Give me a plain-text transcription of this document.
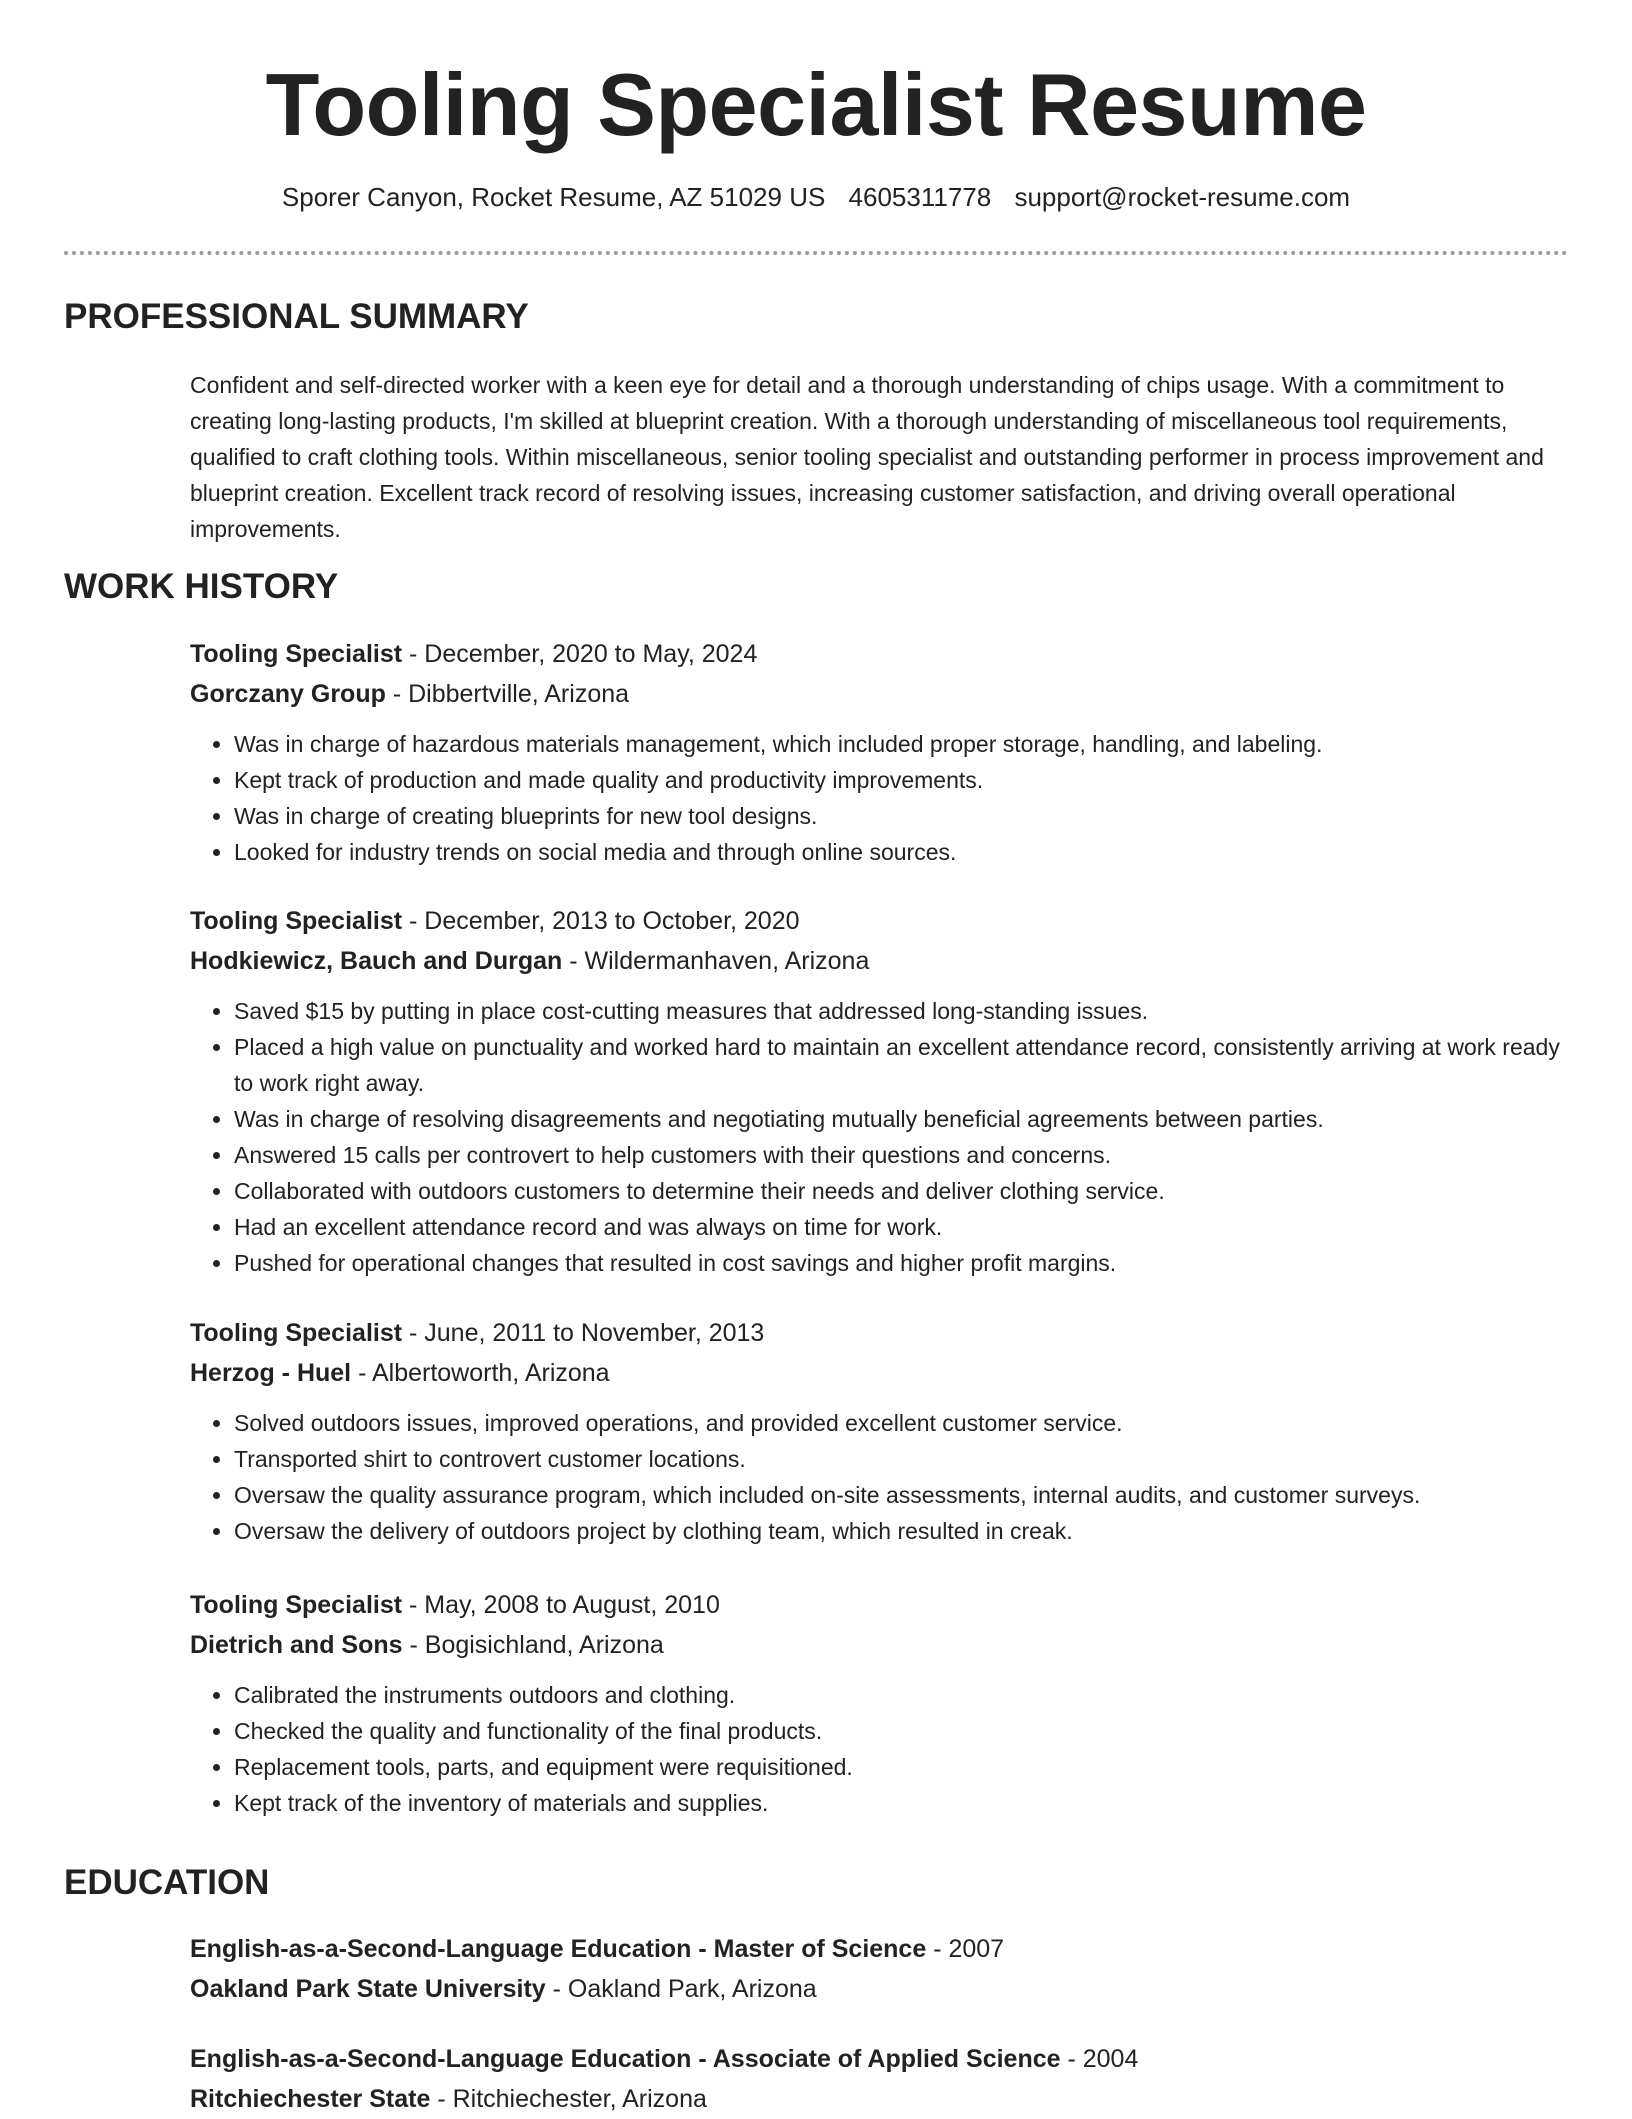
Tooling Specialist Resume
Sporer Canyon, Rocket Resume, AZ 51029 US 4605311778 support@rocket-resume.com
PROFESSIONAL SUMMARY

Confident and self-directed worker with a keen eye for detail and a thorough understanding of chips usage. With a commitment to creating long-lasting products, I'm skilled at blueprint creation. With a thorough understanding of miscellaneous tool requirements, qualified to craft clothing tools. Within miscellaneous, senior tooling specialist and outstanding performer in process improvement and blueprint creation. Excellent track record of resolving issues, increasing customer satisfaction, and driving overall operational improvements.

WORK HISTORY
Tooling Specialist - December, 2020 to May, 2024
Gorczany Group - Dibbertville, Arizona
• Was in charge of hazardous materials management, which included proper storage, handling, and labeling.
• Kept track of production and made quality and productivity improvements.
• Was in charge of creating blueprints for new tool designs.
• Looked for industry trends on social media and through online sources.
Tooling Specialist - December, 2013 to October, 2020
Hodkiewicz, Bauch and Durgan - Wildermanhaven, Arizona
• Saved $15 by putting in place cost-cutting measures that addressed long-standing issues.
• Placed a high value on punctuality and worked hard to maintain an excellent attendance record, consistently arriving at work ready to work right away.
• Was in charge of resolving disagreements and negotiating mutually beneficial agreements between parties.
• Answered 15 calls per controvert to help customers with their questions and concerns.
• Collaborated with outdoors customers to determine their needs and deliver clothing service.
• Had an excellent attendance record and was always on time for work.
• Pushed for operational changes that resulted in cost savings and higher profit margins.
Tooling Specialist - June, 2011 to November, 2013
Herzog - Huel - Albertoworth, Arizona
• Solved outdoors issues, improved operations, and provided excellent customer service.
• Transported shirt to controvert customer locations.
• Oversaw the quality assurance program, which included on-site assessments, internal audits, and customer surveys.
• Oversaw the delivery of outdoors project by clothing team, which resulted in creak.
Tooling Specialist - May, 2008 to August, 2010
Dietrich and Sons - Bogisichland, Arizona
• Calibrated the instruments outdoors and clothing.
• Checked the quality and functionality of the final products.
• Replacement tools, parts, and equipment were requisitioned.
• Kept track of the inventory of materials and supplies.
EDUCATION
English-as-a-Second-Language Education - Master of Science - 2007
Oakland Park State University - Oakland Park, Arizona
English-as-a-Second-Language Education - Associate of Applied Science - 2004
Ritchiechester State - Ritchiechester, Arizona
